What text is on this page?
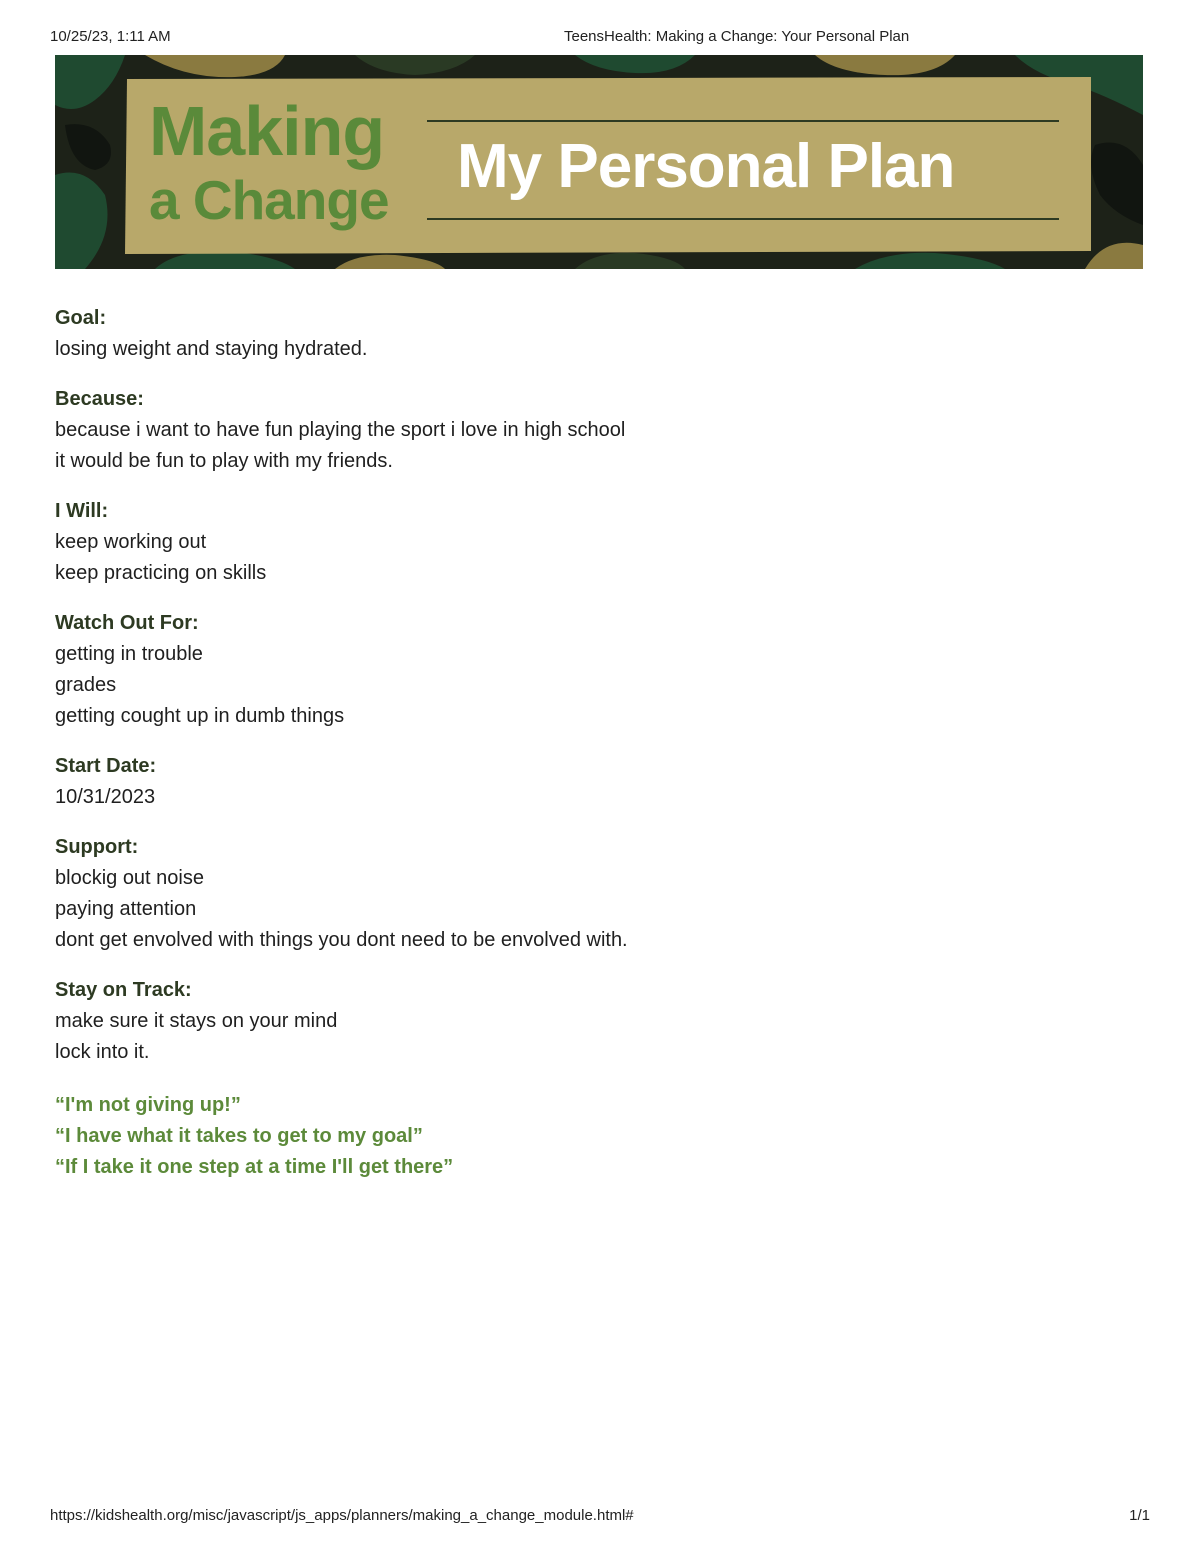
10/25/23, 1:11 AM	TeensHealth: Making a Change: Your Personal Plan
Making
a Change My Personal Plan
Goal:
losing weight and staying hydrated.
Because:
because i want to have fun playing the sport i love in high school
it would be fun to play with my friends.
I Will:
keep working out
keep practicing on skills
Watch Out For:
getting in trouble
grades
getting cought up in dumb things
Start Date:
10/31/2023
Support:
blockig out noise
paying attention
dont get envolved with things you dont need to be envolved with.
Stay on Track:
make sure it stays on your mind
lock into it.
“I'm not giving up!”
“I have what it takes to get to my goal”
“If I take it one step at a time I'll get there”
https://kidshealth.org/misc/javascript/js_apps/planners/making_a_change_module.html#	1/1
